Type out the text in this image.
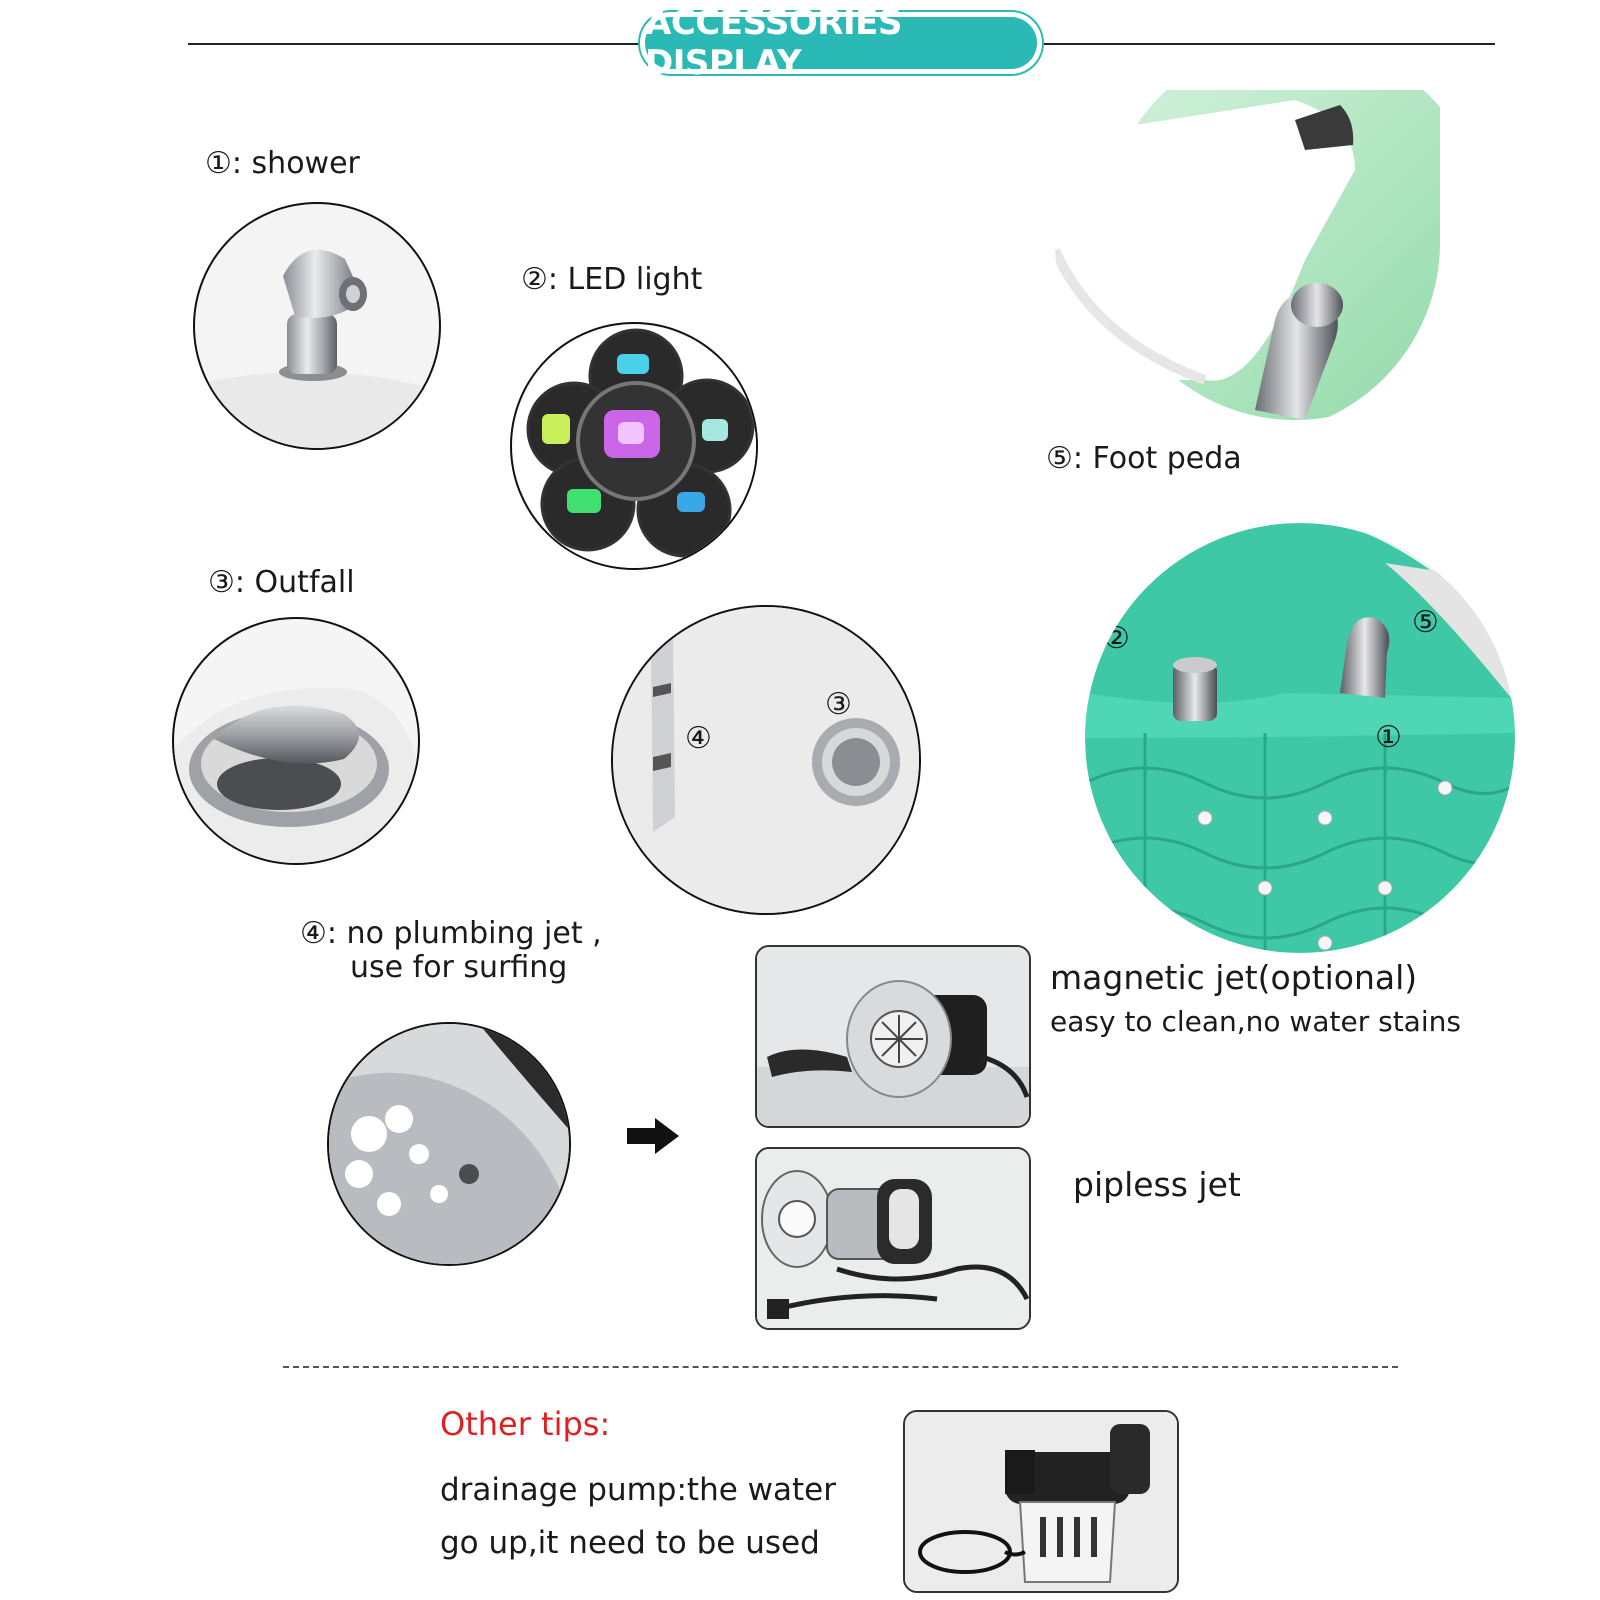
ACCESSORIES DISPLAY
①: shower
②: LED light
⑤: Foot peda
③: Outfall
③
④
②	⑤
①
④: no plumbing jet ,
use for surfing	magnetic jet(optional)
easy to clean,no water stains
pipless jet
Other tips:
drainage pump:the water
go up,it need to be used
